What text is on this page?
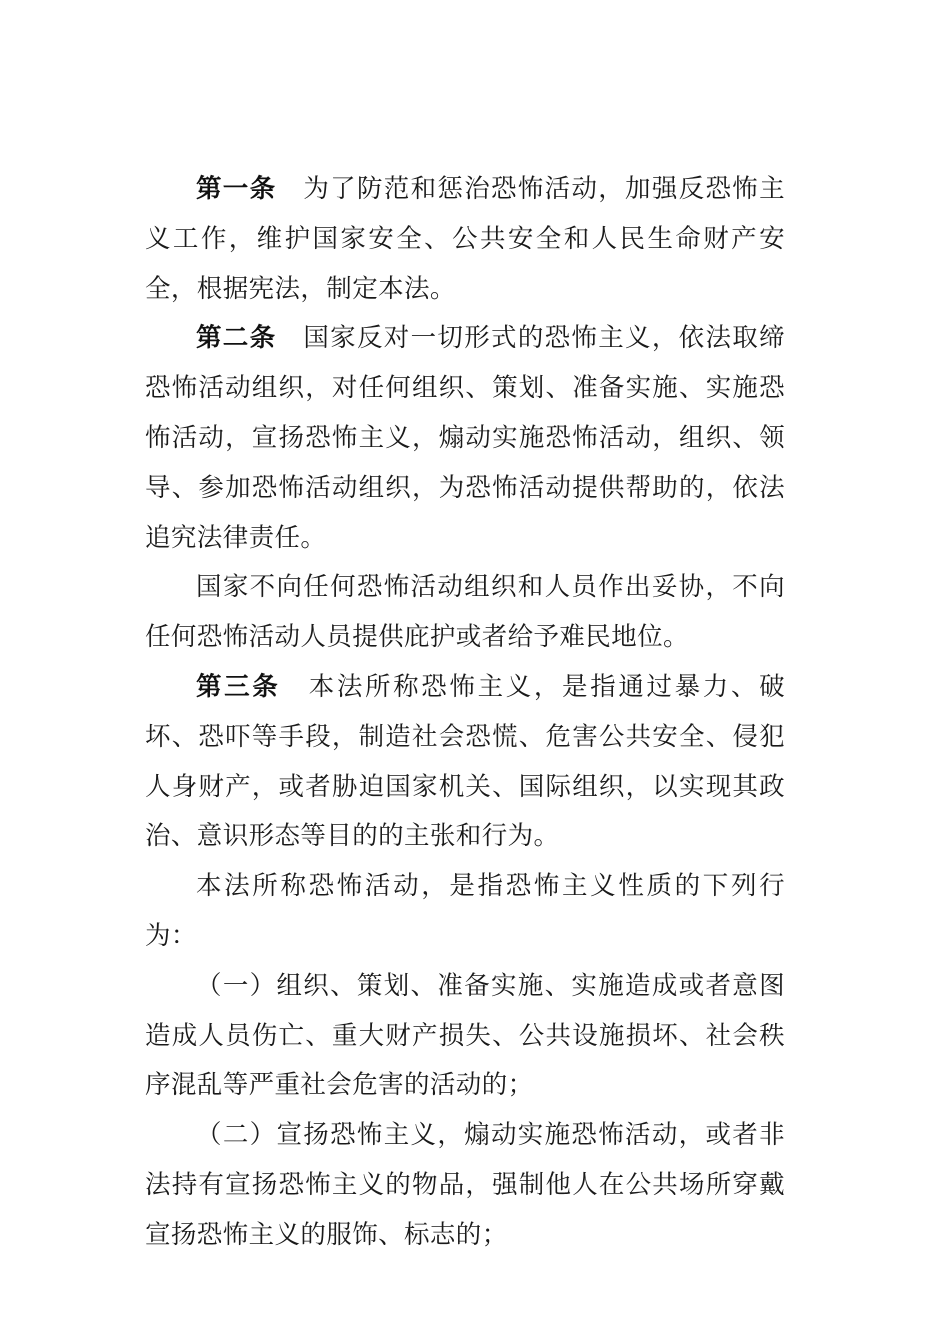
第一条 为了防范和惩治恐怖活动，加强反恐怖主义工作，维护国家安全、公共安全和人民生命财产安全，根据宪法，制定本法。

第二条 国家反对一切形式的恐怖主义，依法取缔恐怖活动组织，对任何组织、策划、准备实施、实施恐怖活动，宣扬恐怖主义，煽动实施恐怖活动，组织、领导、参加恐怖活动组织，为恐怖活动提供帮助的，依法追究法律责任。

国家不向任何恐怖活动组织和人员作出妥协，不向任何恐怖活动人员提供庇护或者给予难民地位。

第三条 本法所称恐怖主义，是指通过暴力、破坏、恐吓等手段，制造社会恐慌、危害公共安全、侵犯人身财产，或者胁迫国家机关、国际组织，以实现其政治、意识形态等目的的主张和行为。

本法所称恐怖活动，是指恐怖主义性质的下列行为：

（一）组织、策划、准备实施、实施造成或者意图造成人员伤亡、重大财产损失、公共设施损坏、社会秩序混乱等严重社会危害的活动的；

（二）宣扬恐怖主义，煽动实施恐怖活动，或者非法持有宣扬恐怖主义的物品，强制他人在公共场所穿戴宣扬恐怖主义的服饰、标志的；
